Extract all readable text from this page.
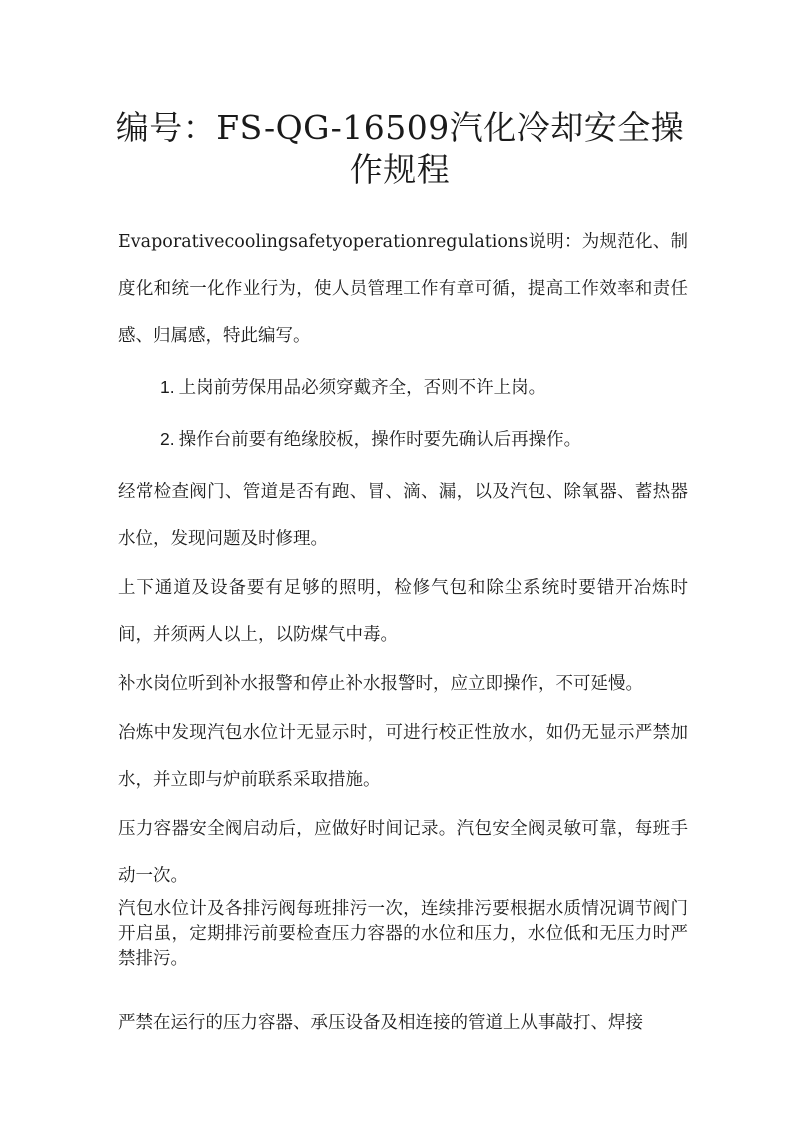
编号：FS-QG-16509汽化冷却安全操作规程

Evaporativecoolingsafetyoperationregulations说明：为规范化、制度化和统一化作业行为，使人员管理工作有章可循，提高工作效率和责任感、归属感，特此编写。

1. 上岗前劳保用品必须穿戴齐全，否则不许上岗。

2. 操作台前要有绝缘胶板，操作时要先确认后再操作。

经常检查阀门、管道是否有跑、冒、滴、漏，以及汽包、除氧器、蓄热器水位，发现问题及时修理。

上下通道及设备要有足够的照明，检修气包和除尘系统时要错开冶炼时间，并须两人以上，以防煤气中毒。

补水岗位听到补水报警和停止补水报警时，应立即操作，不可延慢。

冶炼中发现汽包水位计无显示时，可进行校正性放水，如仍无显示严禁加水，并立即与炉前联系采取措施。

压力容器安全阀启动后，应做好时间记录。汽包安全阀灵敏可靠，每班手动一次。

汽包水位计及各排污阀每班排污一次，连续排污要根据水质情况调节阀门开启虽，定期排污前要检查压力容器的水位和压力，水位低和无压力时严禁排污。

严禁在运行的压力容器、承压设备及相连接的管道上从事敲打、焊接
